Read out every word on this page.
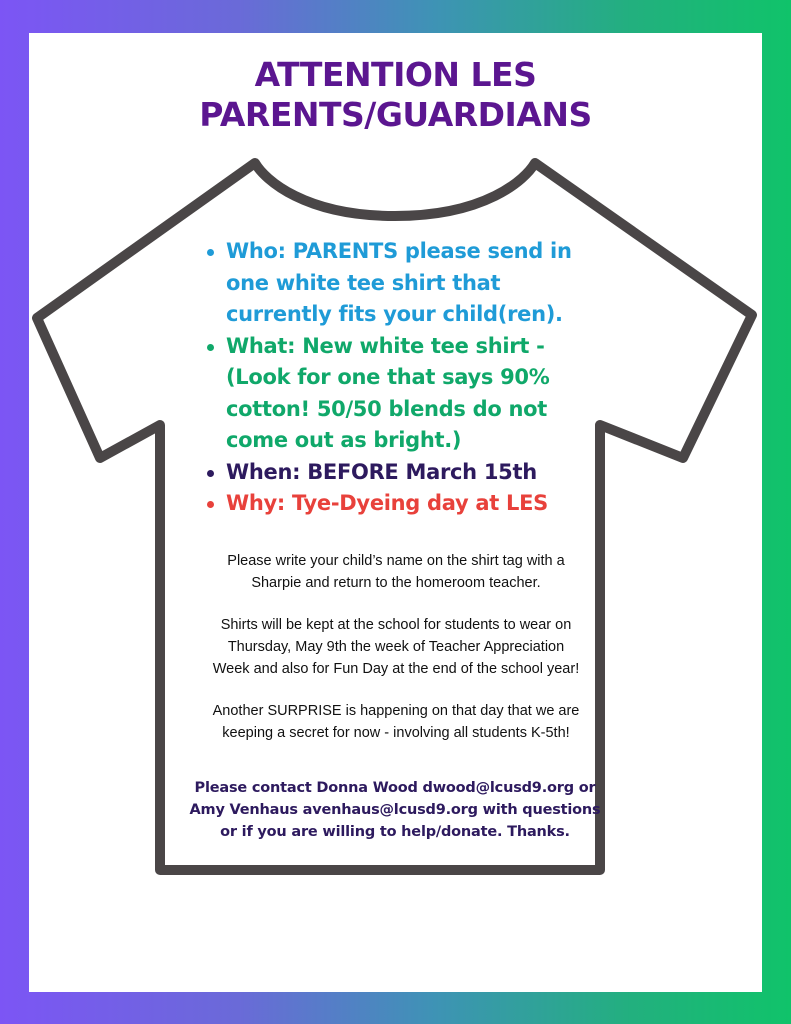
ATTENTION LES
PARENTS/GUARDIANS
Who: PARENTS please send in
one white tee shirt that
currently fits your child(ren).
What: New white tee shirt -
(Look for one that says 90%
cotton! 50/50 blends do not
come out as bright.)
When: BEFORE March 15th
Why: Tye-Dyeing day at LES

Please write your child’s name on the shirt tag with a
Sharpie and return to the homeroom teacher.

Shirts will be kept at the school for students to wear on
Thursday, May 9th the week of Teacher Appreciation
Week and also for Fun Day at the end of the school year!

Another SURPRISE is happening on that day that we are
keeping a secret for now - involving all students K-5th!

Please contact Donna Wood dwood@lcusd9.org or
Amy Venhaus avenhaus@lcusd9.org with questions
or if you are willing to help/donate. Thanks.
